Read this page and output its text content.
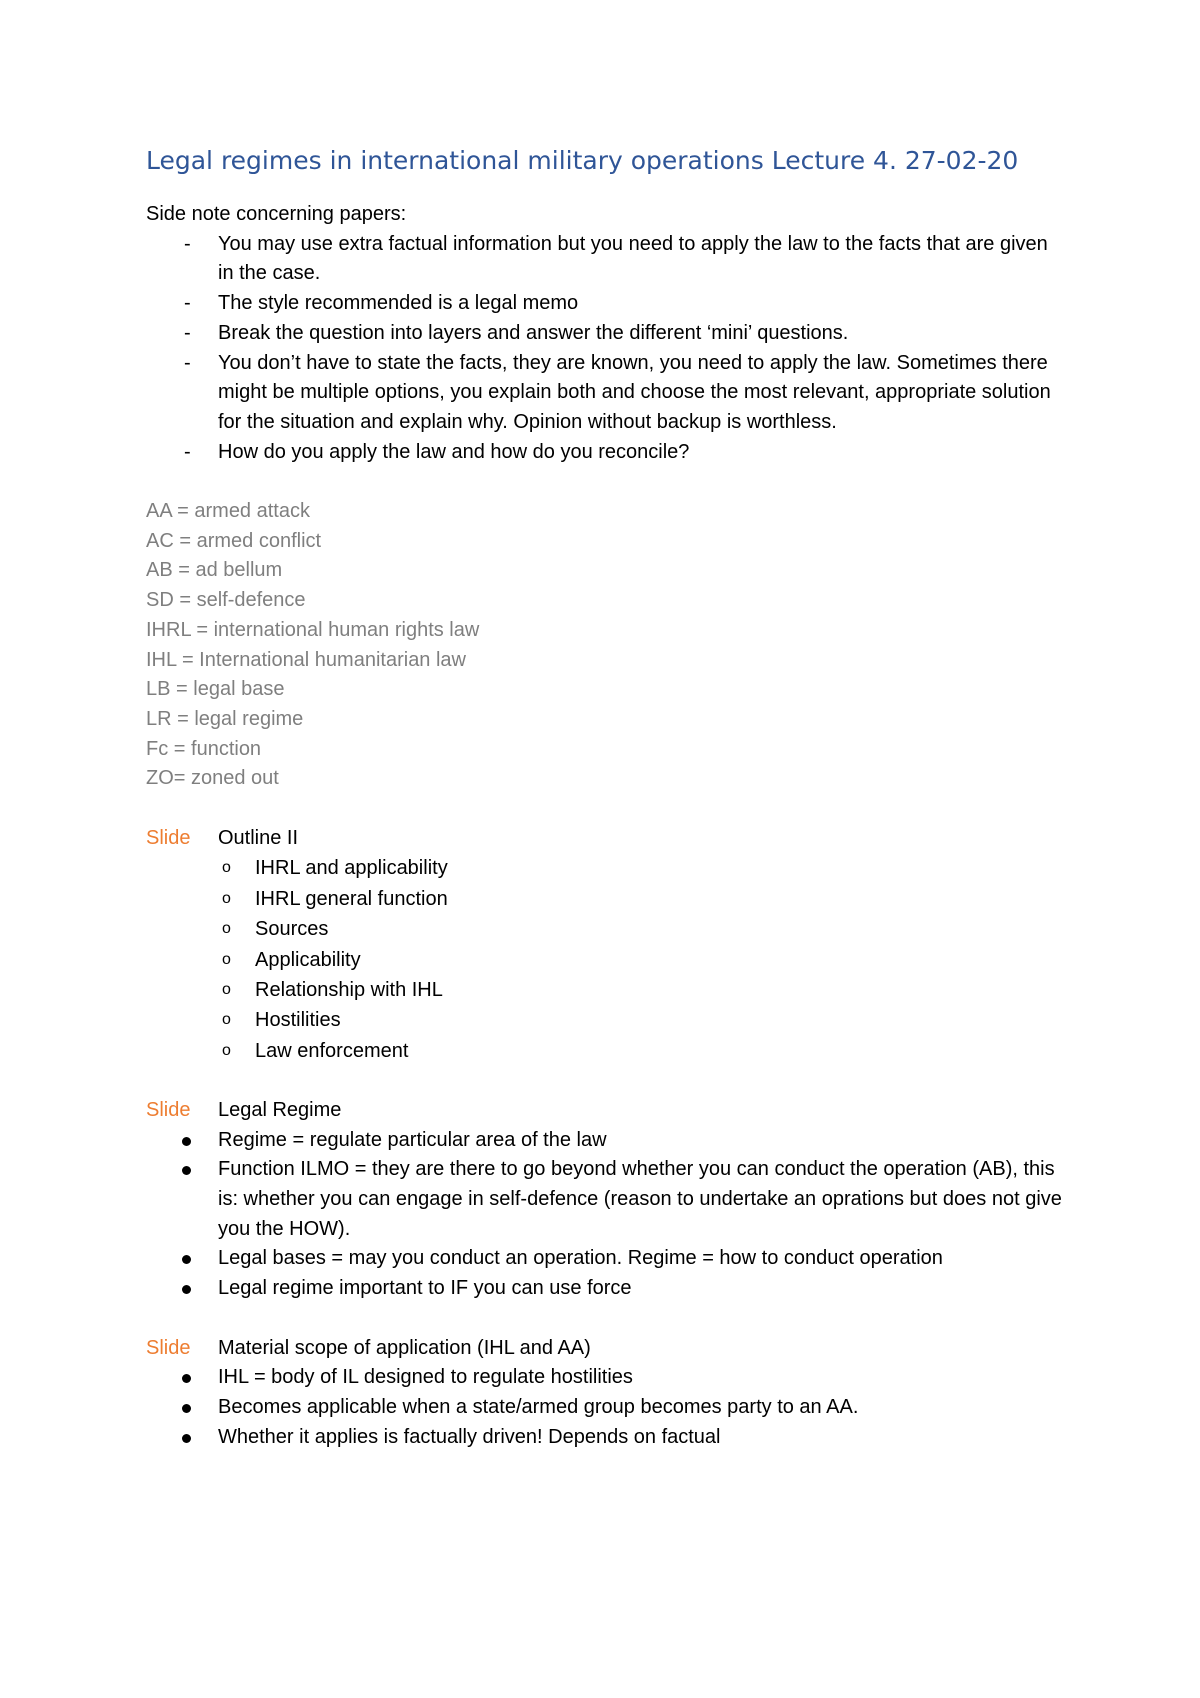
Legal regimes in international military operations Lecture 4. 27-02-20

Side note concerning papers:

- You may use extra factual information but you need to apply the law to the facts that are given in the case.
- The style recommended is a legal memo
- Break the question into layers and answer the different ‘mini’ questions.
- You don’t have to state the facts, they are known, you need to apply the law. Sometimes there might be multiple options, you explain both and choose the most relevant, appropriate solution for the situation and explain why. Opinion without backup is worthless.
- How do you apply the law and how do you reconcile?

AA = armed attack

AC = armed conflict

AB = ad bellum

SD = self-defence

IHRL = international human rights law

IHL = International humanitarian law

LB = legal base

LR = legal regime

Fc = function

ZO= zoned out

Slide	Outline II
o IHRL and applicability
o IHRL general function
o Sources
o Applicability
o Relationship with IHL
o Hostilities
o Law enforcement
Slide	Legal Regime
Regime = regulate particular area of the law
Function ILMO = they are there to go beyond whether you can conduct the operation (AB), this is: whether you can engage in self-defence (reason to undertake an oprations but does not give you the HOW).
Legal bases = may you conduct an operation. Regime = how to conduct operation
Legal regime important to IF you can use force
Slide	Material scope of application (IHL and AA)
IHL = body of IL designed to regulate hostilities
Becomes applicable when a state/armed group becomes party to an AA.
Whether it applies is factually driven! Depends on factual
